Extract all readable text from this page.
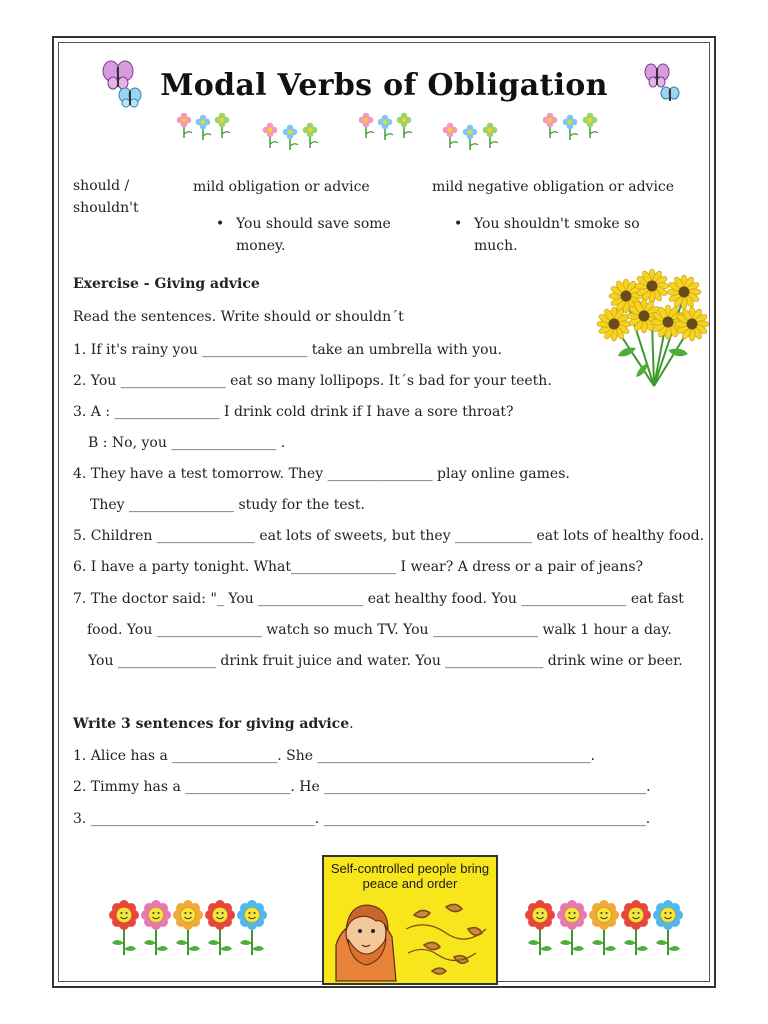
Modal Verbs of Obligation
should /
shouldn't
mild obligation or advice	mild negative obligation or advice
• You should save some
money.
• You shouldn't smoke so
much.
Exercise - Giving advice
Read the sentences. Write should or shouldn´t
1. If it's rainy you _______________ take an umbrella with you.
2. You _______________ eat so many lollipops. It´s bad for your teeth.
3. A : _______________ I drink cold drink if I have a sore throat?
B : No, you _______________ .
4. They have a test tomorrow. They _______________ play online games.
They _______________ study for the test.
5. Children ______________ eat lots of sweets, but they ___________ eat lots of healthy food.
6. I have a party tonight. What_______________ I wear? A dress or a pair of jeans?
7. The doctor said: "_ You _______________ eat healthy food. You _______________ eat fast
food. You _______________ watch so much TV. You _______________ walk 1 hour a day.
You ______________ drink fruit juice and water. You ______________ drink wine or beer.
Write 3 sentences for giving advice.
1. Alice has a _______________. She _______________________________________.
2. Timmy has a _______________. He ______________________________________________.
3. ________________________________. ______________________________________________.
Self-controlled people bring peace and order
